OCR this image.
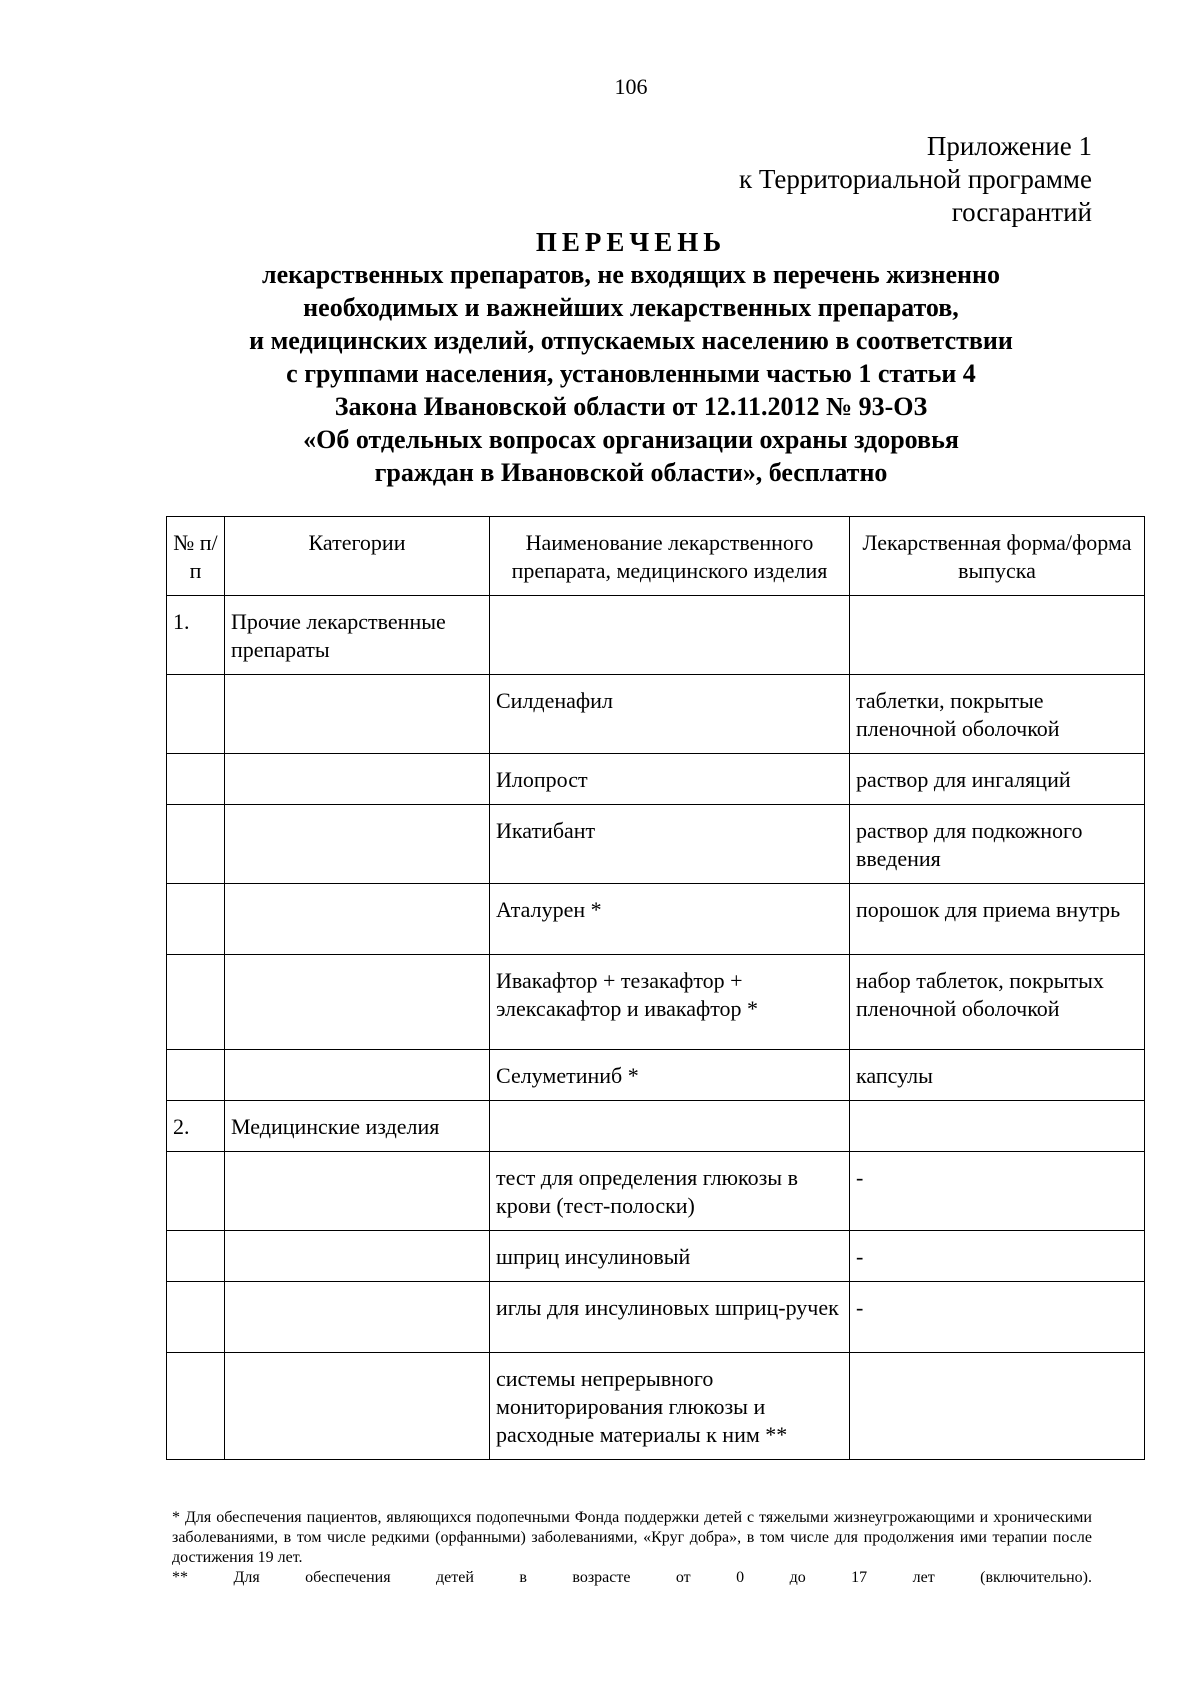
106
Приложение 1
к Территориальной программе
госгарантий
ПЕРЕЧЕНЬ
лекарственных препаратов, не входящих в перечень жизненно
необходимых и важнейших лекарственных препаратов,
и медицинских изделий, отпускаемых населению в соответствии
с группами населения, установленными частью 1 статьи 4
Закона Ивановской области от 12.11.2012 № 93-ОЗ
«Об отдельных вопросах организации охраны здоровья
граждан в Ивановской области», бесплатно
№ п/п	Категории	Наименование лекарственного препарата, медицинского изделия	Лекарственная форма/форма выпуска
1.	Прочие лекарственные препараты		
		Силденафил	таблетки, покрытые пленочной оболочкой
		Илопрост	раствор для ингаляций
		Икатибант	раствор для подкожного введения
		Аталурен *	порошок для приема внутрь
		Ивакафтор + тезакафтор + элексакафтор и ивакафтор *	набор таблеток, покрытых пленочной оболочкой
		Селуметиниб *	капсулы
2.	Медицинские изделия		
		тест для определения глюкозы в крови (тест-полоски)	-
		шприц инсулиновый	-
		иглы для инсулиновых шприц-ручек	-
		системы непрерывного мониторирования глюкозы и расходные материалы к ним **	
* Для обеспечения пациентов, являющихся подопечными Фонда поддержки детей с тяжелыми жизнеугрожающими и хроническими заболеваниями, в том числе редкими (орфанными) заболеваниями, «Круг добра», в том числе для продолжения ими терапии после достижения 19 лет.
** Для обеспечения детей в возрасте от 0 до 17 лет (включительно).
